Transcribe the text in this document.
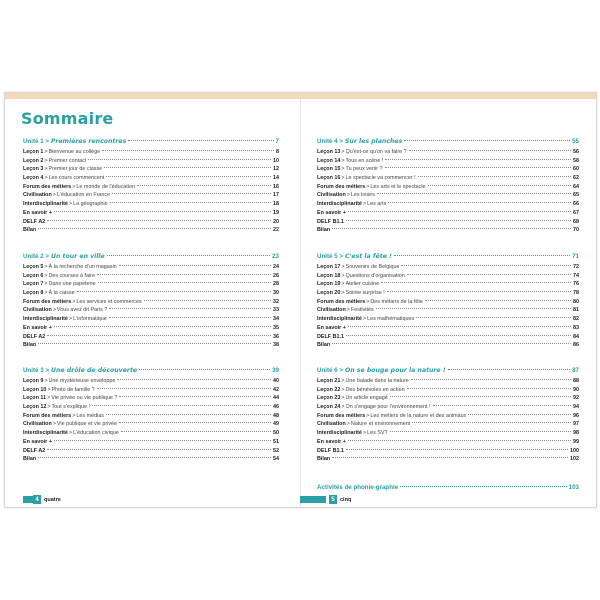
Sommaire
Unité 1 > Premières rencontres	7
Leçon 1 > Bienvenue au collège	8
Leçon 2 > Premier contact	10
Leçon 3 > Premier jour de classe	12
Leçon 4 > Les cours commencent	14
Forum des métiers > Le monde de l'éducation	16
Civilisation > L'éducation en France	17
Interdisciplinarité > La géographie	18
En savoir +	19
DELF A2	20
Bilan	22
Unité 2 > Un tour en ville	23
Leçon 5 > À la recherche d'un magasin	24
Leçon 6 > Des courses à faire	26
Leçon 7 > Dans une papeterie	28
Leçon 8 > À la caisse	30
Forum des métiers > Les services et commerces	32
Civilisation > Vous avez dit Paris ?	33
Interdisciplinarité > L'informatique	34
En savoir +	35
DELF A2	36
Bilan	38
Unité 3 > Une drôle de découverte	39
Leçon 9 > Une mystérieuse enveloppe	40
Leçon 10 > Photo de famille ?	42
Leçon 11 > Vie privée ou vie publique ?	44
Leçon 12 > Tout s'explique !	46
Forum des métiers > Les médias	48
Civilisation > Vie publique et vie privée	49
Interdisciplinarité > L'éducation civique	50
En savoir +	51
DELF A2	52
Bilan	54
4 quatre
Unité 4 > Sur les planches	55
Leçon 13 > Qu'est-ce qu'on va faire ?	56
Leçon 14 > Tous en scène !	58
Leçon 15 > Tu peux venir ?	60
Leçon 16 > Le spectacle va commencer !	62
Forum des métiers > Les arts et le spectacle	64
Civilisation > Les loisirs	65
Interdisciplinarité > Les arts	66
En savoir +	67
DELF B1.1	68
Bilan	70
Unité 5 > C'est la fête !	71
Leçon 17 > Souvenirs de Belgique	72
Leçon 18 > Questions d'organisation	74
Leçon 19 > Atelier cuisine	76
Leçon 20 > Soirée surprise !	78
Forum des métiers > Des métiers de la fête	80
Civilisation > Festivités	81
Interdisciplinarité > Les mathématiques	82
En savoir +	83
DELF B1.1	84
Bilan	86
Unité 6 > On se bouge pour la nature !	87
Leçon 21 > Une balade dans la nature	88
Leçon 22 > Des bénévoles en action	90
Leçon 23 > Un article engagé	92
Leçon 24 > On s'engage pour l'environnement !	94
Forum des métiers > Les métiers de la nature et des animaux	96
Civilisation > Nature et environnement	97
Interdisciplinarité > Les SVT	98
En savoir +	99
DELF B1.1	100
Bilan	102
Activités de phonie-graphie	103
5 cinq
